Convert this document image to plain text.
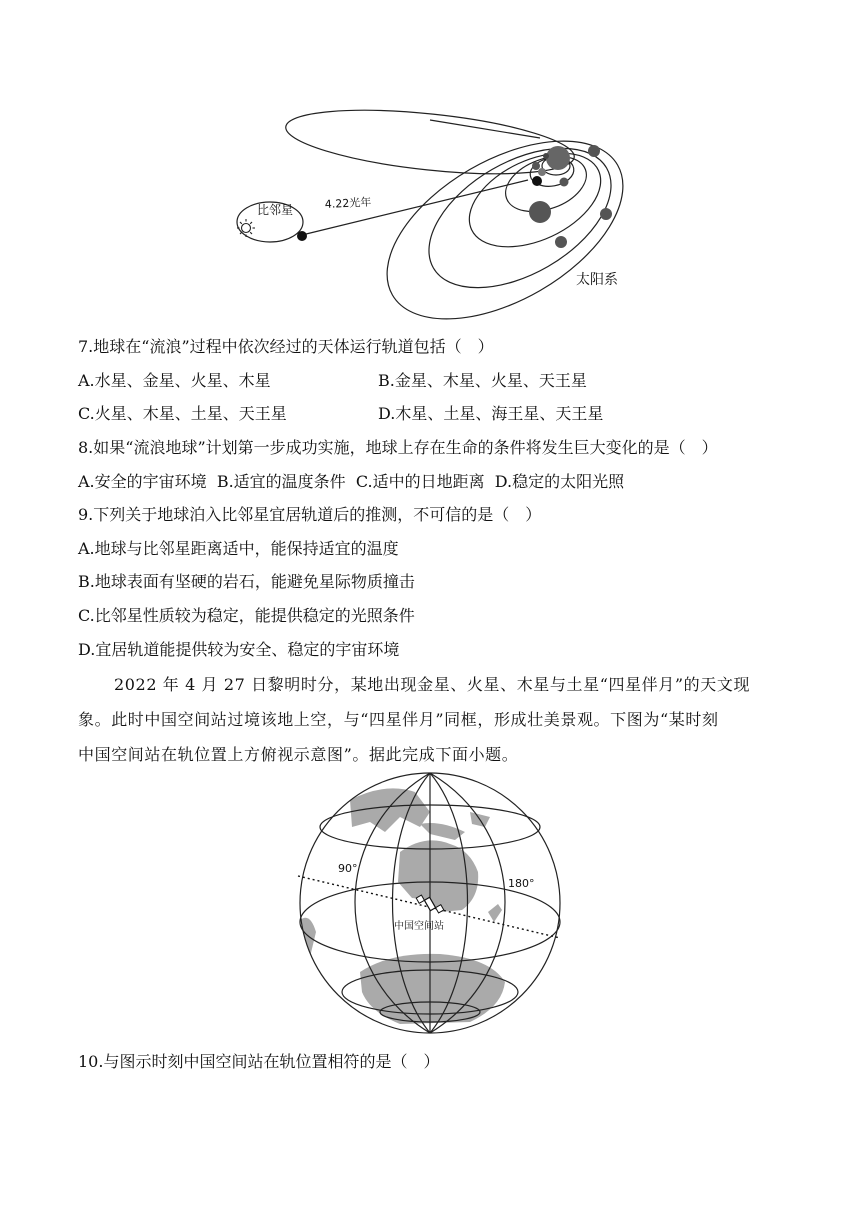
比邻星	4.22光年
太阳系
7.地球在“流浪”过程中依次经过的天体运行轨道包括（　）
A.水星、金星、火星、木星	B.金星、木星、火星、天王星
C.火星、木星、土星、天王星	D.木星、土星、海王星、天王星
8.如果“流浪地球”计划第一步成功实施，地球上存在生命的条件将发生巨大变化的是（　）
A.安全的宇宙环境  B.适宜的温度条件  C.适中的日地距离  D.稳定的太阳光照
9.下列关于地球泊入比邻星宜居轨道后的推测，不可信的是（　）
A.地球与比邻星距离适中，能保持适宜的温度
B.地球表面有坚硬的岩石，能避免星际物质撞击
C.比邻星性质较为稳定，能提供稳定的光照条件
D.宜居轨道能提供较为安全、稳定的宇宙环境
2022 年 4 月 27 日黎明时分，某地出现金星、火星、木星与土星“四星伴月”的天文现
象。此时中国空间站过境该地上空，与“四星伴月”同框，形成壮美景观。下图为“某时刻
中国空间站在轨位置上方俯视示意图”。据此完成下面小题。
90°
180°
中国空间站
10.与图示时刻中国空间站在轨位置相符的是（　）
